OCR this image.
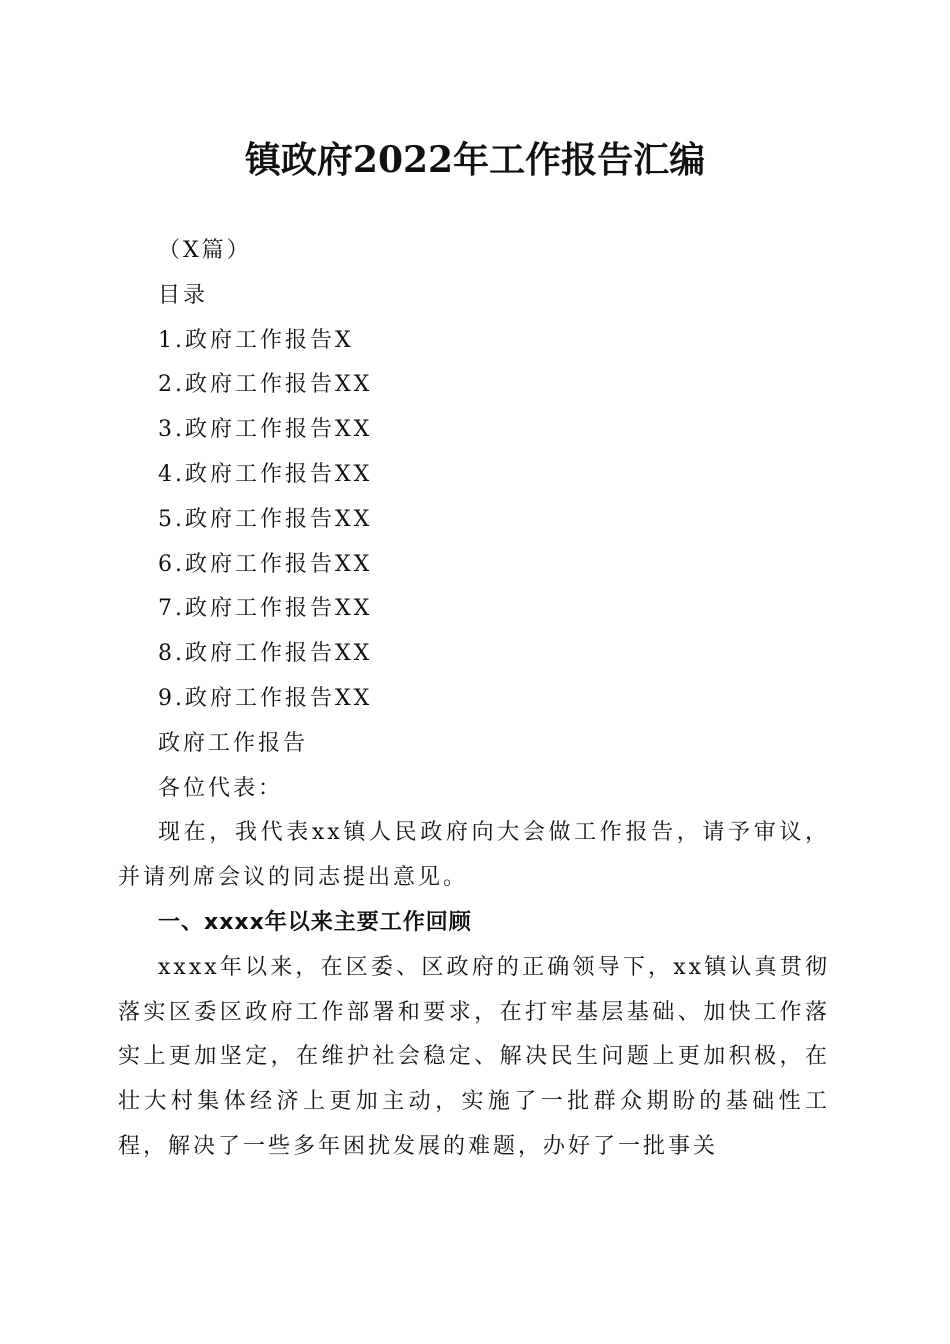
镇政府2022年工作报告汇编
（X篇）
目录
1.政府工作报告X
2.政府工作报告XX
3.政府工作报告XX
4.政府工作报告XX
5.政府工作报告XX
6.政府工作报告XX
7.政府工作报告XX
8.政府工作报告XX
9.政府工作报告XX
政府工作报告
各位代表：

现在，我代表xx镇人民政府向大会做工作报告，请予审议，并请列席会议的同志提出意见。

一、xxxx年以来主要工作回顾

xxxx年以来，在区委、区政府的正确领导下，xx镇认真贯彻落实区委区政府工作部署和要求，在打牢基层基础、加快工作落实上更加坚定，在维护社会稳定、解决民生问题上更加积极，在壮大村集体经济上更加主动，实施了一批群众期盼的基础性工程，解决了一些多年困扰发展的难题，办好了一批事关
